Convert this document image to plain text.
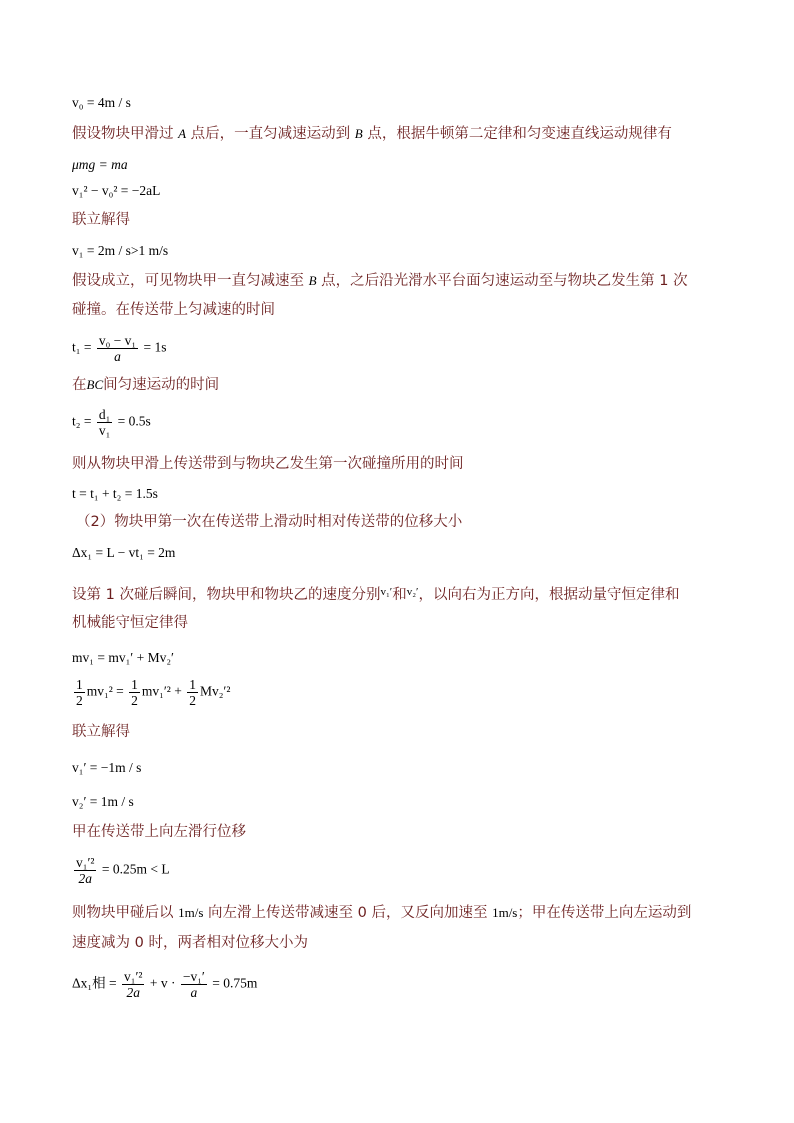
v₀ = 4m / s
假设物块甲滑过 A 点后，一直匀减速运动到 B 点，根据牛顿第二定律和匀变速直线运动规律有
μmg = ma
v₁² − v₀² = −2aL
联立解得
v₁ = 2m / s>1 m/s
假设成立，可见物块甲一直匀减速至 B 点，之后沿光滑水平台面匀速运动至与物块乙发生第 1 次
碰撞。在传送带上匀减速的时间
$t_1 = \frac{\text{v₀ − v₁}}{a} = 1s$
在BC间匀速运动的时间
$t_2 = \frac{\text{d₁}}{\text{v₁}} = 0.5s$
则从物块甲滑上传送带到与物块乙发生第一次碰撞所用的时间
t = t₁ + t₂ = 1.5s
（2）物块甲第一次在传送带上滑动时相对传送带的位移大小
Δx₁ = L − vt₁ = 2m
设第 1 次碰后瞬间，物块甲和物块乙的速度分别$^{v_1'}$和$^{v_2'}$，以向右为正方向，根据动量守恒定律和
机械能守恒定律得
mv₁ = mv₁′ + Mv₂′
$\frac{1}{2} mv_1^2 = \frac{1}{2} mv_1'^2 + \frac{1}{2} Mv_2'^2$
联立解得
v₁′ = −1m / s
v₂′ = 1m / s
甲在传送带上向左滑行位移
$\frac{\text{v₁′²}}{2a} = 0.25m < L$
则物块甲碰后以 1m/s 向左滑上传送带减速至 0 后，又反向加速至 1m/s；甲在传送带上向左运动到
速度减为 0 时，两者相对位移大小为
Δx₁相 = $\frac{\text{v₁′²}}{2a} + v \cdot \frac{\text{−v₁′}}{a} = 0.75m$
